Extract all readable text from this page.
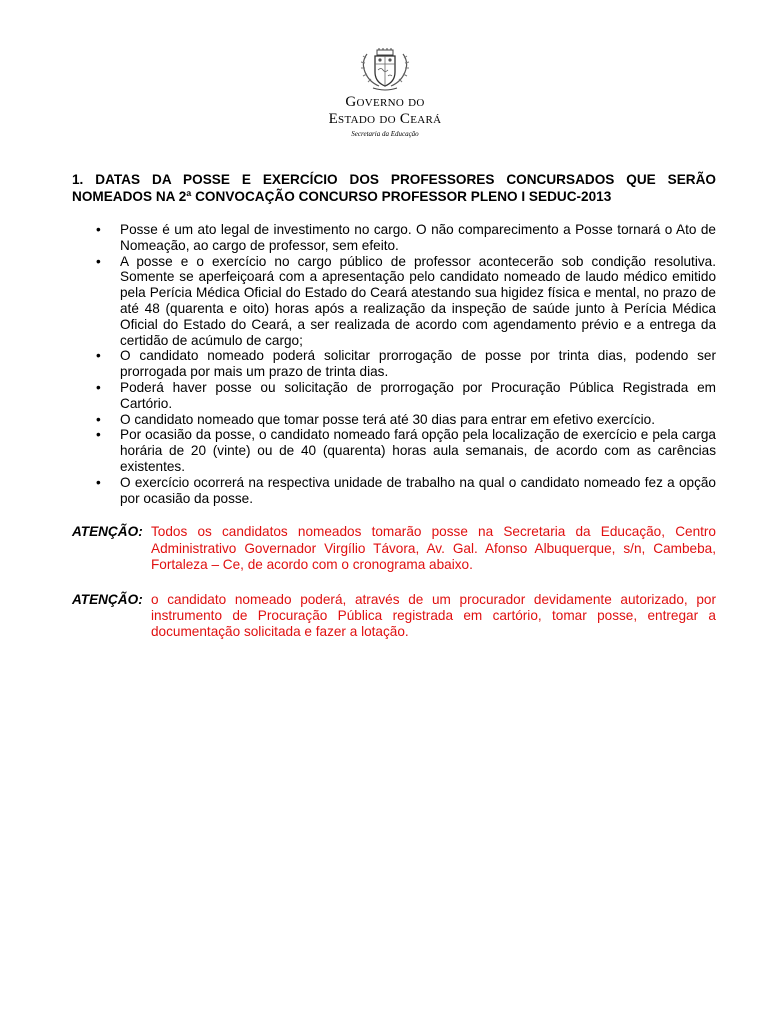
Governo do
Estado do Ceará
Secretaria da Educação

1. DATAS DA POSSE E EXERCÍCIO DOS PROFESSORES CONCURSADOS QUE SERÃO NOMEADOS NA 2ª CONVOCAÇÃO CONCURSO PROFESSOR PLENO I SEDUC-2013

• Posse é um ato legal de investimento no cargo. O não comparecimento a Posse tornará o Ato de Nomeação, ao cargo de professor, sem efeito.
• A posse e o exercício no cargo público de professor acontecerão sob condição resolutiva. Somente se aperfeiçoará com a apresentação pelo candidato nomeado de laudo médico emitido pela Perícia Médica Oficial do Estado do Ceará atestando sua higidez física e mental, no prazo de até 48 (quarenta e oito) horas após a realização da inspeção de saúde junto à Perícia Médica Oficial do Estado do Ceará, a ser realizada de acordo com agendamento prévio e a entrega da certidão de acúmulo de cargo;
• O candidato nomeado poderá solicitar prorrogação de posse por trinta dias, podendo ser prorrogada por mais um prazo de trinta dias.
• Poderá haver posse ou solicitação de prorrogação por Procuração Pública Registrada em Cartório.
• O candidato nomeado que tomar posse terá até 30 dias para entrar em efetivo exercício.
• Por ocasião da posse, o candidato nomeado fará opção pela localização de exercício e pela carga horária de 20 (vinte) ou de 40 (quarenta) horas aula semanais, de acordo com as carências existentes.
• O exercício ocorrerá na respectiva unidade de trabalho na qual o candidato nomeado fez a opção por ocasião da posse.
ATENÇÃO: Todos os candidatos nomeados tomarão posse na Secretaria da Educação, Centro Administrativo Governador Virgílio Távora, Av. Gal. Afonso Albuquerque, s/n, Cambeba, Fortaleza – Ce, de acordo com o cronograma abaixo.
ATENÇÃO: o candidato nomeado poderá, através de um procurador devidamente autorizado, por instrumento de Procuração Pública registrada em cartório, tomar posse, entregar a documentação solicitada e fazer a lotação.
